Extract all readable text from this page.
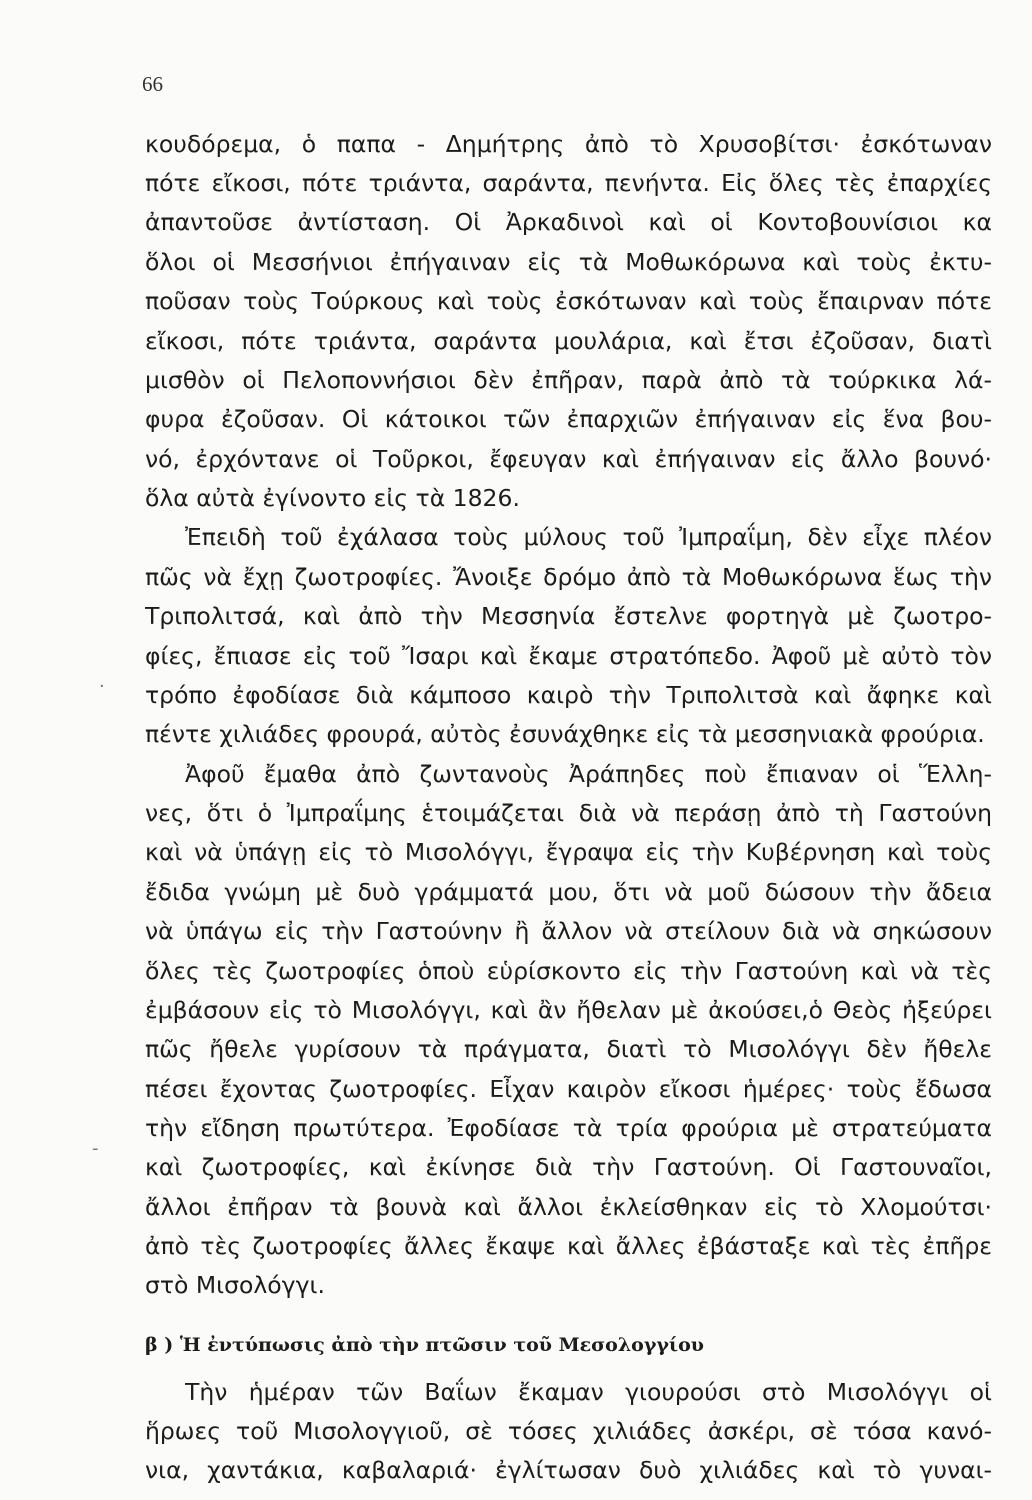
66
κουδόρεμα, ὁ παπα - Δημήτρης ἀπὸ τὸ Χρυσοβίτσι· ἐσκότωναν
πότε εἴκοσι, πότε τριάντα, σαράντα, πενήντα. Εἰς ὅλες τὲς ἐπαρχίες
ἀπαντοῦσε ἀντίσταση. Οἱ Ἀρκαδινοὶ καὶ οἱ Κοντοβουνίσιοι κα
ὅλοι οἱ Μεσσήνιοι ἐπήγαιναν εἰς τὰ Μοθωκόρωνα καὶ τοὺς ἐκτυ-
ποῦσαν τοὺς Τούρκους καὶ τοὺς ἐσκότωναν καὶ τοὺς ἔπαιρναν πότε
εἴκοσι, πότε τριάντα, σαράντα μουλάρια, καὶ ἔτσι ἐζοῦσαν, διατὶ
μισθὸν οἱ Πελοποννήσιοι δὲν ἐπῆραν, παρὰ ἀπὸ τὰ τούρκικα λά-
φυρα ἐζοῦσαν. Οἱ κάτοικοι τῶν ἐπαρχιῶν ἐπήγαιναν εἰς ἕνα βου-
νό, ἐρχόντανε οἱ Τοῦρκοι, ἔφευγαν καὶ ἐπήγαιναν εἰς ἄλλο βουνό·
ὅλα αὐτὰ ἐγίνοντο εἰς τὰ 1826.
Ἐπειδὴ τοῦ ἐχάλασα τοὺς μύλους τοῦ Ἰμπραΐμη, δὲν εἶχε πλέον
πῶς νὰ ἔχῃ ζωοτροφίες. Ἄνοιξε δρόμο ἀπὸ τὰ Μοθωκόρωνα ἕως τὴν
Τριπολιτσά, καὶ ἀπὸ τὴν Μεσσηνία ἔστελνε φορτηγὰ μὲ ζωοτρο-
φίες, ἔπιασε εἰς τοῦ Ἴσαρι καὶ ἔκαμε στρατόπεδο. Ἀφοῦ μὲ αὐτὸ τὸν
τρόπο ἐφοδίασε διὰ κάμποσο καιρὸ τὴν Τριπολιτσὰ καὶ ἄφηκε καὶ
πέντε χιλιάδες φρουρά, αὐτὸς ἐσυνάχθηκε εἰς τὰ μεσσηνιακὰ φρούρια.
Ἀφοῦ ἔμαθα ἀπὸ ζωντανοὺς Ἀράπηδες ποὺ ἔπιαναν οἱ Ἕλλη-
νες, ὅτι ὁ Ἰμπραΐμης ἑτοιμάζεται διὰ νὰ περάσῃ ἀπὸ τὴ Γαστούνη
καὶ νὰ ὑπάγῃ εἰς τὸ Μισολόγγι, ἔγραψα εἰς τὴν Κυβέρνηση καὶ τοὺς
ἔδιδα γνώμη μὲ δυὸ γράμματά μου, ὅτι νὰ μοῦ δώσουν τὴν ἄδεια
νὰ ὑπάγω εἰς τὴν Γαστούνην ἢ ἄλλον νὰ στείλουν διὰ νὰ σηκώσουν
ὅλες τὲς ζωοτροφίες ὁποὺ εὑρίσκοντο εἰς τὴν Γαστούνη καὶ νὰ τὲς
ἐμβάσουν εἰς τὸ Μισολόγγι, καὶ ἂν ἤθελαν μὲ ἀκούσει,ὁ Θεὸς ἠξεύρει
πῶς ἤθελε γυρίσουν τὰ πράγματα, διατὶ τὸ Μισολόγγι δὲν ἤθελε
πέσει ἔχοντας ζωοτροφίες. Εἶχαν καιρὸν εἴκοσι ἡμέρες· τοὺς ἔδωσα
τὴν εἴδηση πρωτύτερα. Ἐφοδίασε τὰ τρία φρούρια μὲ στρατεύματα
καὶ ζωοτροφίες, καὶ ἐκίνησε διὰ τὴν Γαστούνη. Οἱ Γαστουναῖοι,
ἄλλοι ἐπῆραν τὰ βουνὰ καὶ ἄλλοι ἐκλείσθηκαν εἰς τὸ Χλομούτσι·
ἀπὸ τὲς ζωοτροφίες ἄλλες ἔκαψε καὶ ἄλλες ἐβάσταξε καὶ τὲς ἐπῆρε
στὸ Μισολόγγι.
β ) Ἡ ἐντύπωσις ἀπὸ τὴν πτῶσιν τοῦ Μεσολογγίου
Τὴν ἡμέραν τῶν Βαΐων ἔκαμαν γιουρούσι στὸ Μισολόγγι οἱ
ἥρωες τοῦ Μισολογγιοῦ, σὲ τόσες χιλιάδες ἀσκέρι, σὲ τόσα κανό-
νια, χαντάκια, καβαλαριά· ἐγλίτωσαν δυὸ χιλιάδες καὶ τὸ γυναι-
·
-
